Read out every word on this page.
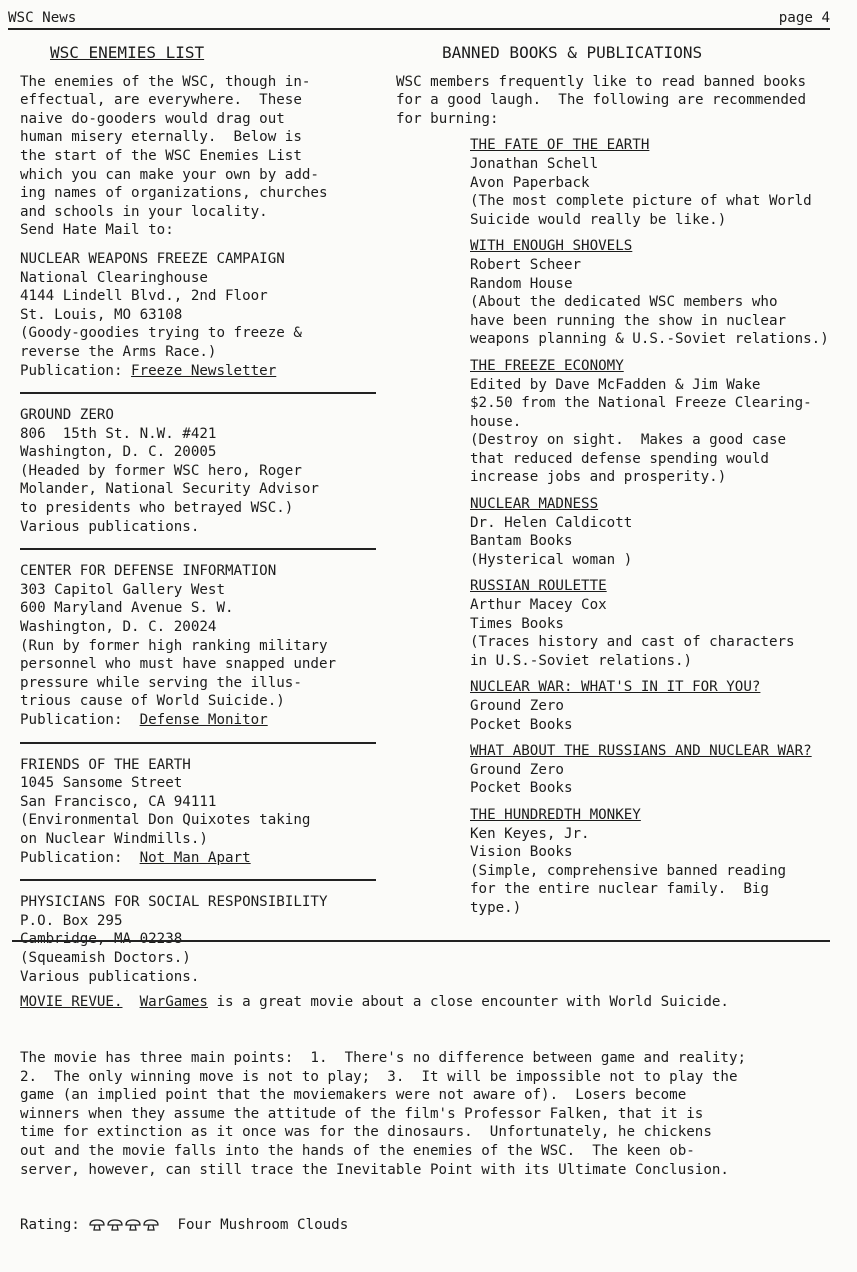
WSC News	page 4
WSC ENEMIES LIST
The enemies of the WSC, though in-
effectual, are everywhere.  These
naive do-gooders would drag out
human misery eternally.  Below is
the start of the WSC Enemies List
which you can make your own by add-
ing names of organizations, churches
and schools in your locality.
Send Hate Mail to:
NUCLEAR WEAPONS FREEZE CAMPAIGN
National Clearinghouse
4144 Lindell Blvd., 2nd Floor
St. Louis, MO 63108
(Goody-goodies trying to freeze &
reverse the Arms Race.)
Publication: Freeze Newsletter
GROUND ZERO
806  15th St. N.W. #421
Washington, D. C. 20005
(Headed by former WSC hero, Roger
Molander, National Security Advisor
to presidents who betrayed WSC.)
Various publications.
CENTER FOR DEFENSE INFORMATION
303 Capitol Gallery West
600 Maryland Avenue S. W.
Washington, D. C. 20024
(Run by former high ranking military
personnel who must have snapped under
pressure while serving the illus-
trious cause of World Suicide.)
Publication:  Defense Monitor
FRIENDS OF THE EARTH
1045 Sansome Street
San Francisco, CA 94111
(Environmental Don Quixotes taking
on Nuclear Windmills.)
Publication:  Not Man Apart
PHYSICIANS FOR SOCIAL RESPONSIBILITY
P.O. Box 295
Cambridge, MA 02238
(Squeamish Doctors.)
Various publications.
BANNED BOOKS & PUBLICATIONS
WSC members frequently like to read banned books
for a good laugh.  The following are recommended
for burning:
THE FATE OF THE EARTH
Jonathan Schell
Avon Paperback
(The most complete picture of what World
Suicide would really be like.)
WITH ENOUGH SHOVELS
Robert Scheer
Random House
(About the dedicated WSC members who
have been running the show in nuclear
weapons planning & U.S.-Soviet relations.)
THE FREEZE ECONOMY
Edited by Dave McFadden & Jim Wake
$2.50 from the National Freeze Clearing-
house.
(Destroy on sight.  Makes a good case
that reduced defense spending would
increase jobs and prosperity.)
NUCLEAR MADNESS
Dr. Helen Caldicott
Bantam Books
(Hysterical woman )
RUSSIAN ROULETTE
Arthur Macey Cox
Times Books
(Traces history and cast of characters
in U.S.-Soviet relations.)
NUCLEAR WAR: WHAT'S IN IT FOR YOU?
Ground Zero
Pocket Books
WHAT ABOUT THE RUSSIANS AND NUCLEAR WAR?
Ground Zero
Pocket Books
THE HUNDREDTH MONKEY
Ken Keyes, Jr.
Vision Books
(Simple, comprehensive banned reading
for the entire nuclear family.  Big
type.)

MOVIE REVUE. WarGames is a great movie about a close encounter with World Suicide.

The movie has three main points:  1.  There's no difference between game and reality;
2.  The only winning move is not to play;  3.  It will be impossible not to play the
game (an implied point that the moviemakers were not aware of).  Losers become
winners when they assume the attitude of the film's Professor Falken, that it is
time for extinction as it once was for the dinosaurs.  Unfortunately, he chickens
out and the movie falls into the hands of the enemies of the WSC.  The keen ob-
server, however, can still trace the Inevitable Point with its Ultimate Conclusion.

Rating:	Four Mushroom Clouds
